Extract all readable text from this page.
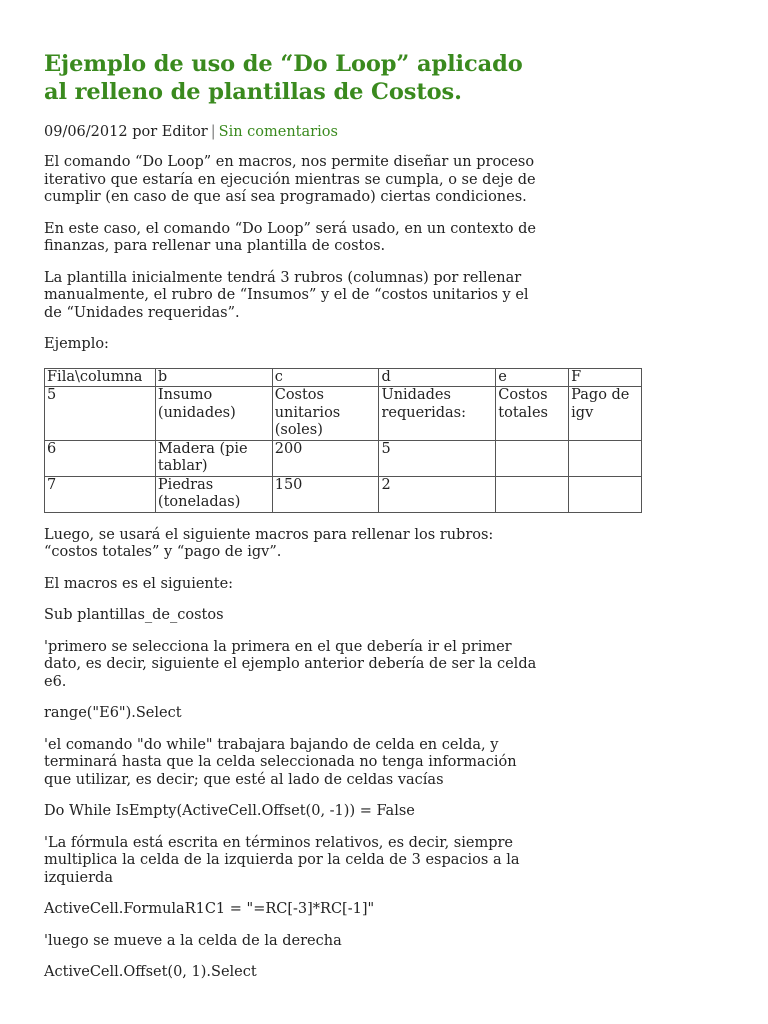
Ejemplo de uso de “Do Loop” aplicado al relleno de plantillas de Costos.
09/06/2012 por Editor | Sin comentarios

El comando “Do Loop” en macros, nos permite diseñar un proceso iterativo que estaría en ejecución mientras se cumpla, o se deje de cumplir (en caso de que así sea programado) ciertas condiciones.

En este caso, el comando “Do Loop” será usado, en un contexto de finanzas, para rellenar una plantilla de costos.

La plantilla inicialmente tendrá 3 rubros (columnas) por rellenar manualmente, el rubro de “Insumos” y el de “costos unitarios y el de “Unidades requeridas”.

Ejemplo:

Fila\columna	b	c	d	e	F
5	Insumo (unidades)	Costos unitarios (soles)	Unidades requeridas:	Costos totales	Pago de igv
6	Madera (pie tablar)	200	5		
7	Piedras (toneladas)	150	2		

Luego, se usará el siguiente macros para rellenar los rubros: “costos totales” y “pago de igv”.

El macros es el siguiente:

Sub plantillas_de_costos

'primero se selecciona la primera en el que debería ir el primer dato, es decir, siguiente el ejemplo anterior debería de ser la celda e6.

range("E6").Select

'el comando "do while" trabajara bajando de celda en celda, y terminará hasta que la celda seleccionada no tenga información que utilizar, es decir; que esté al lado de celdas vacías

Do While IsEmpty(ActiveCell.Offset(0, -1)) = False

'La fórmula está escrita en términos relativos, es decir, siempre multiplica la celda de la izquierda por la celda de 3 espacios a la izquierda

ActiveCell.FormulaR1C1 = "=RC[-3]*RC[-1]"

'luego se mueve a la celda de la derecha

ActiveCell.Offset(0, 1).Select
